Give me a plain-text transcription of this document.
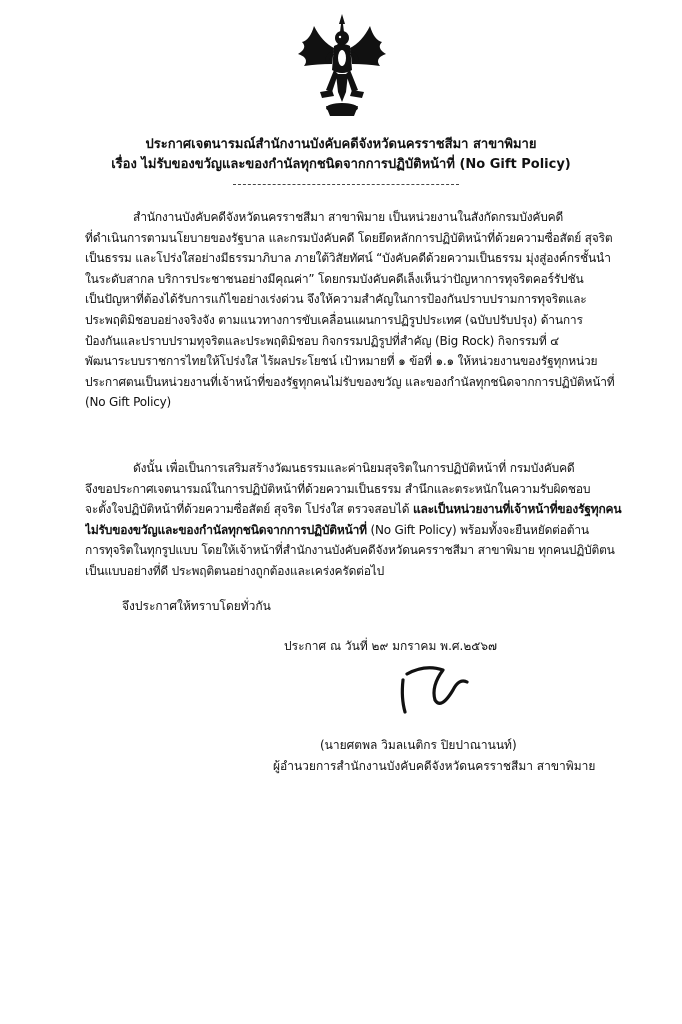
ประกาศเจตนารมณ์สำนักงานบังคับคดีจังหวัดนครราชสีมา สาขาพิมาย
เรื่อง ไม่รับของขวัญและของกำนัลทุกชนิดจากการปฏิบัติหน้าที่ (No Gift Policy)
สำนักงานบังคับคดีจังหวัดนครราชสีมา สาขาพิมาย เป็นหน่วยงานในสังกัดกรมบังคับคดี
ที่ดำเนินการตามนโยบายของรัฐบาล และกรมบังคับคดี โดยยึดหลักการปฏิบัติหน้าที่ด้วยความซื่อสัตย์ สุจริต
เป็นธรรม และโปร่งใสอย่างมีธรรมาภิบาล ภายใต้วิสัยทัศน์ “บังคับคดีด้วยความเป็นธรรม มุ่งสู่องค์กรชั้นนำ
ในระดับสากล บริการประชาชนอย่างมีคุณค่า” โดยกรมบังคับคดีเล็งเห็นว่าปัญหาการทุจริตคอร์รัปชัน
เป็นปัญหาที่ต้องได้รับการแก้ไขอย่างเร่งด่วน จึงให้ความสำคัญในการป้องกันปราบปรามการทุจริตและ
ประพฤติมิชอบอย่างจริงจัง ตามแนวทางการขับเคลื่อนแผนการปฏิรูปประเทศ (ฉบับปรับปรุง) ด้านการ
ป้องกันและปราบปรามทุจริตและประพฤติมิชอบ กิจกรรมปฏิรูปที่สำคัญ (Big Rock) กิจกรรมที่ ๔
พัฒนาระบบราชการไทยให้โปร่งใส ไร้ผลประโยชน์ เป้าหมายที่ ๑ ข้อที่ ๑.๑ ให้หน่วยงานของรัฐทุกหน่วย
ประกาศตนเป็นหน่วยงานที่เจ้าหน้าที่ของรัฐทุกคนไม่รับของขวัญ และของกำนัลทุกชนิดจากการปฏิบัติหน้าที่
(No Gift Policy)
ดังนั้น เพื่อเป็นการเสริมสร้างวัฒนธรรมและค่านิยมสุจริตในการปฏิบัติหน้าที่ กรมบังคับคดี
จึงขอประกาศเจตนารมณ์ในการปฏิบัติหน้าที่ด้วยความเป็นธรรม สำนึกและตระหนักในความรับผิดชอบ
จะตั้งใจปฏิบัติหน้าที่ด้วยความซื่อสัตย์ สุจริต โปร่งใส ตรวจสอบได้ และเป็นหน่วยงานที่เจ้าหน้าที่ของรัฐทุกคน
ไม่รับของขวัญและของกำนัลทุกชนิดจากการปฏิบัติหน้าที่ (No Gift Policy) พร้อมทั้งจะยืนหยัดต่อต้าน
การทุจริตในทุกรูปแบบ โดยให้เจ้าหน้าที่สำนักงานบังคับคดีจังหวัดนครราชสีมา สาขาพิมาย ทุกคนปฏิบัติตน
เป็นแบบอย่างที่ดี ประพฤติตนอย่างถูกต้องและเคร่งครัดต่อไป
จึงประกาศให้ทราบโดยทั่วกัน
ประกาศ ณ วันที่ ๒๙ มกราคม พ.ศ.๒๕๖๗
(นายศตพล วิมลเนติกร ปิยปาณานนท์)
ผู้อำนวยการสำนักงานบังคับคดีจังหวัดนครราชสีมา สาขาพิมาย
